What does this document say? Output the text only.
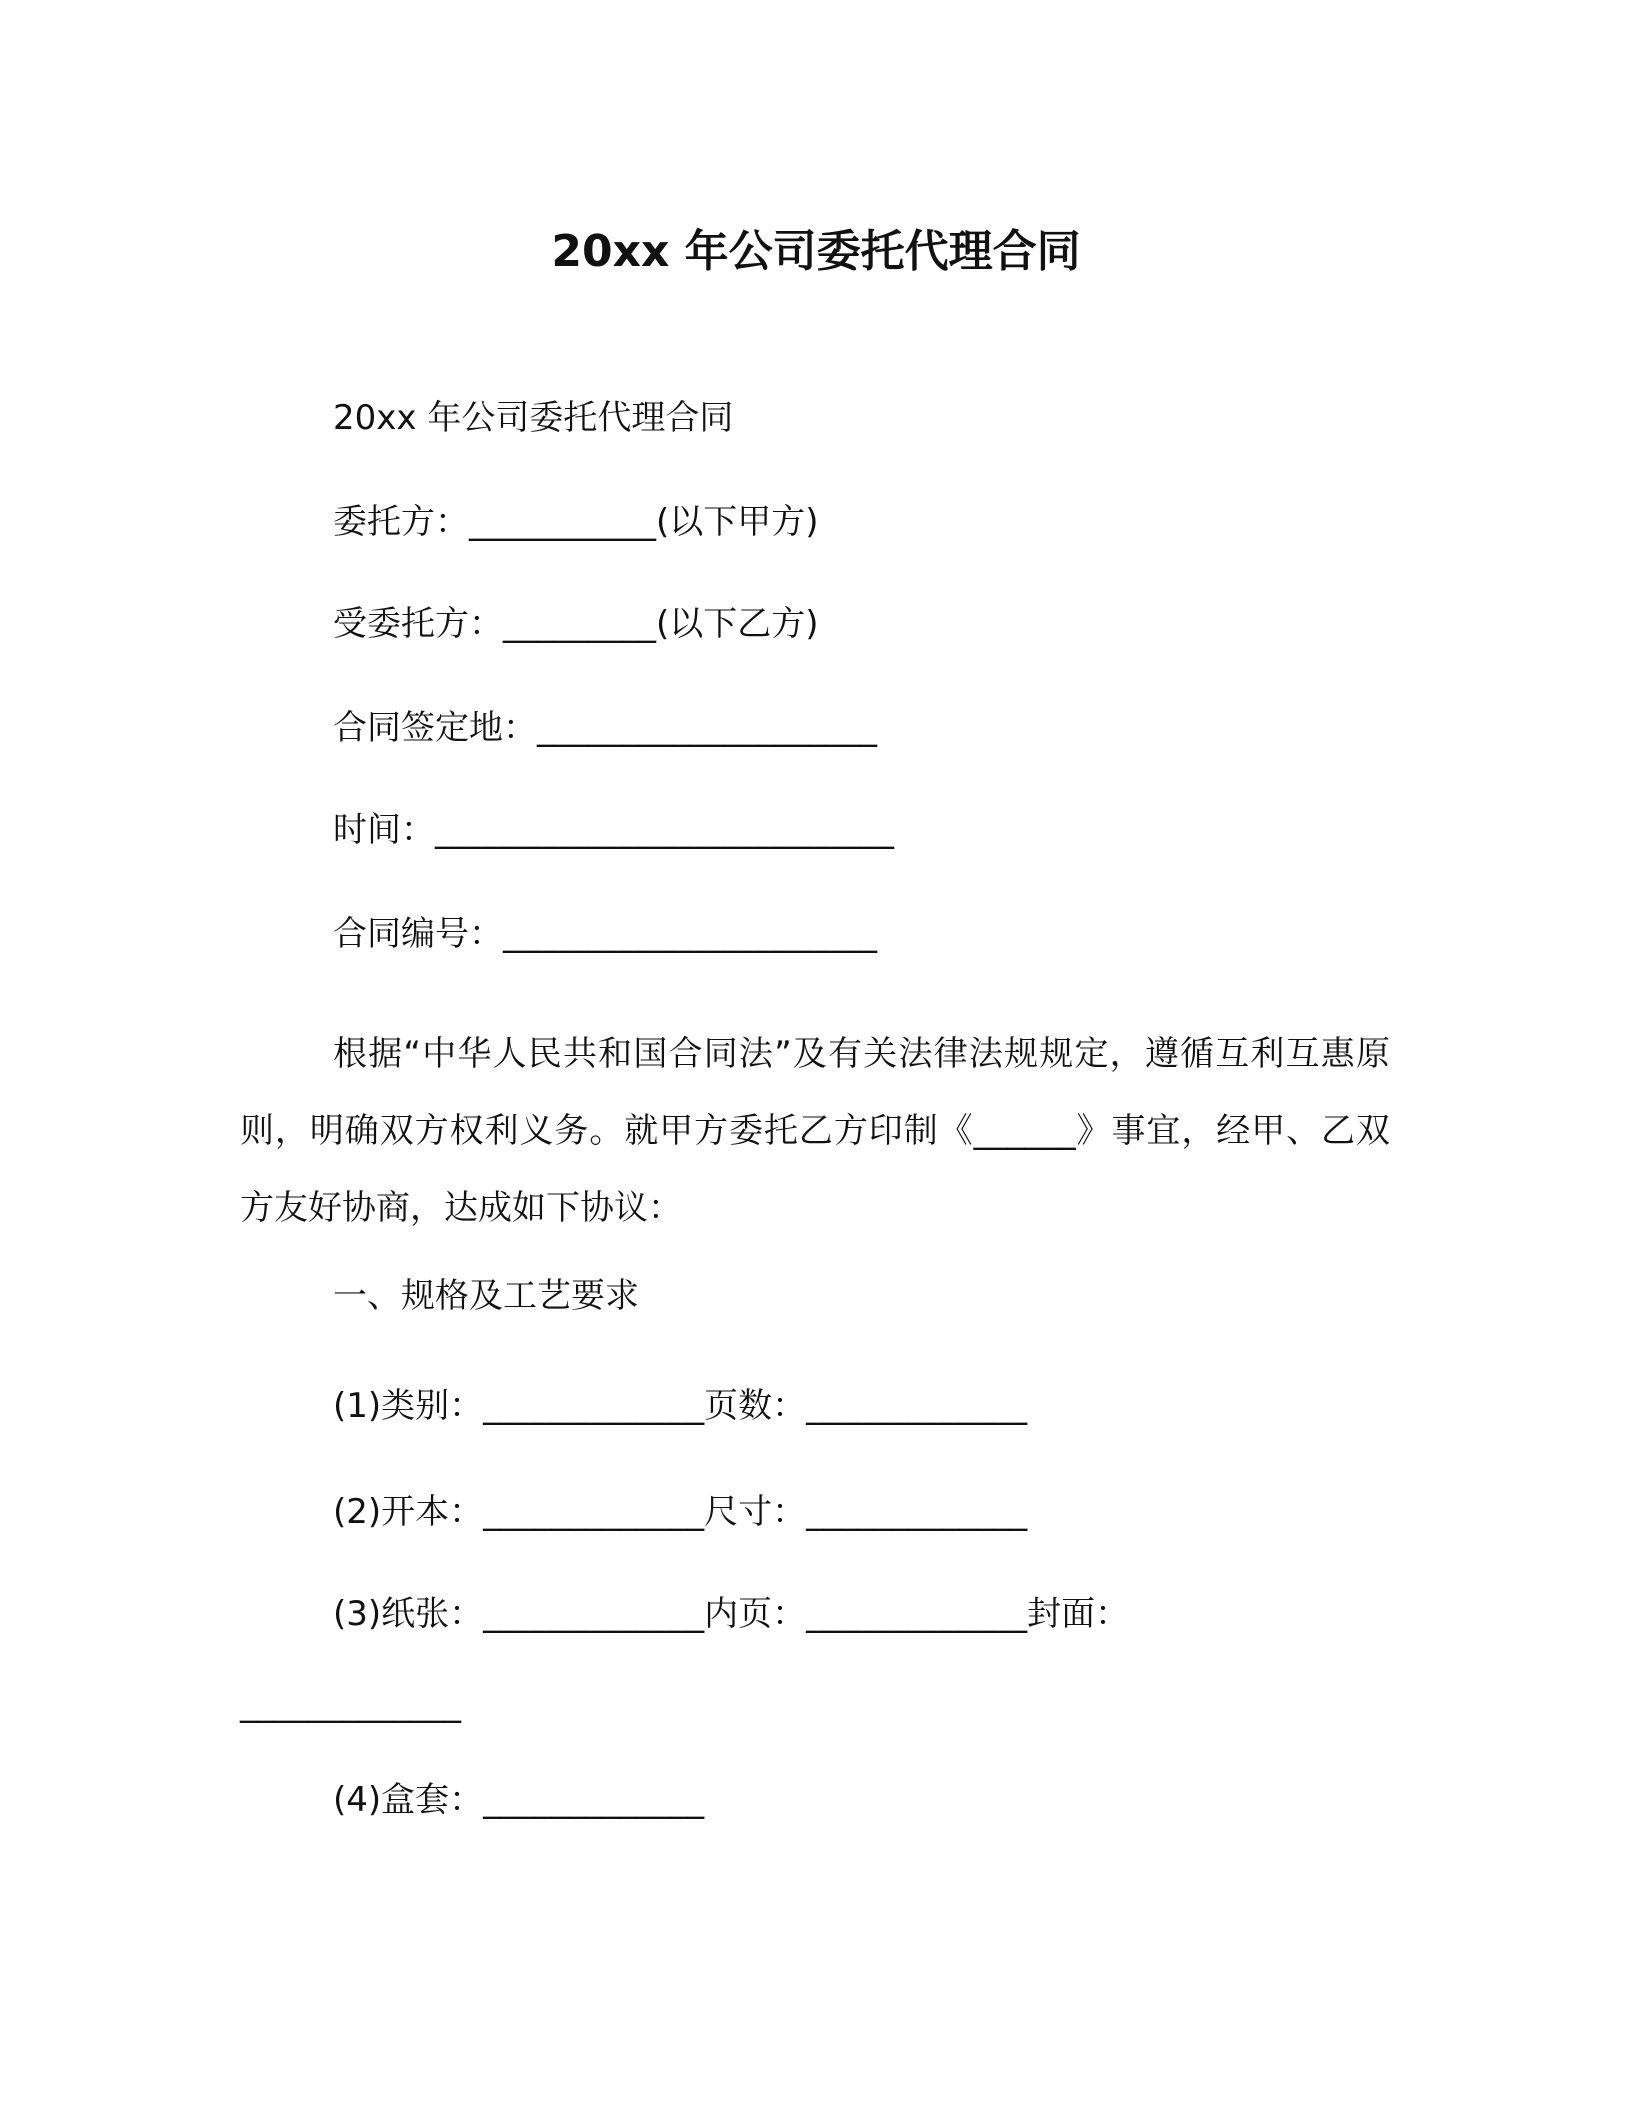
20xx 年公司委托代理合同
20xx 年公司委托代理合同
委托方：___________(以下甲方)
受委托方：_________(以下乙方)
合同签定地：____________________
时间：___________________________
合同编号：______________________
根据“中华人民共和国合同法”及有关法律法规规定，遵循互利互惠原则，明确双方权利义务。就甲方委托乙方印制《______》事宜，经甲、乙双方友好协商，达成如下协议：
一、规格及工艺要求
(1)类别：_____________页数：_____________
(2)开本：_____________尺寸：_____________
(3)纸张：_____________内页：_____________封面：
_____________
(4)盒套：_____________
